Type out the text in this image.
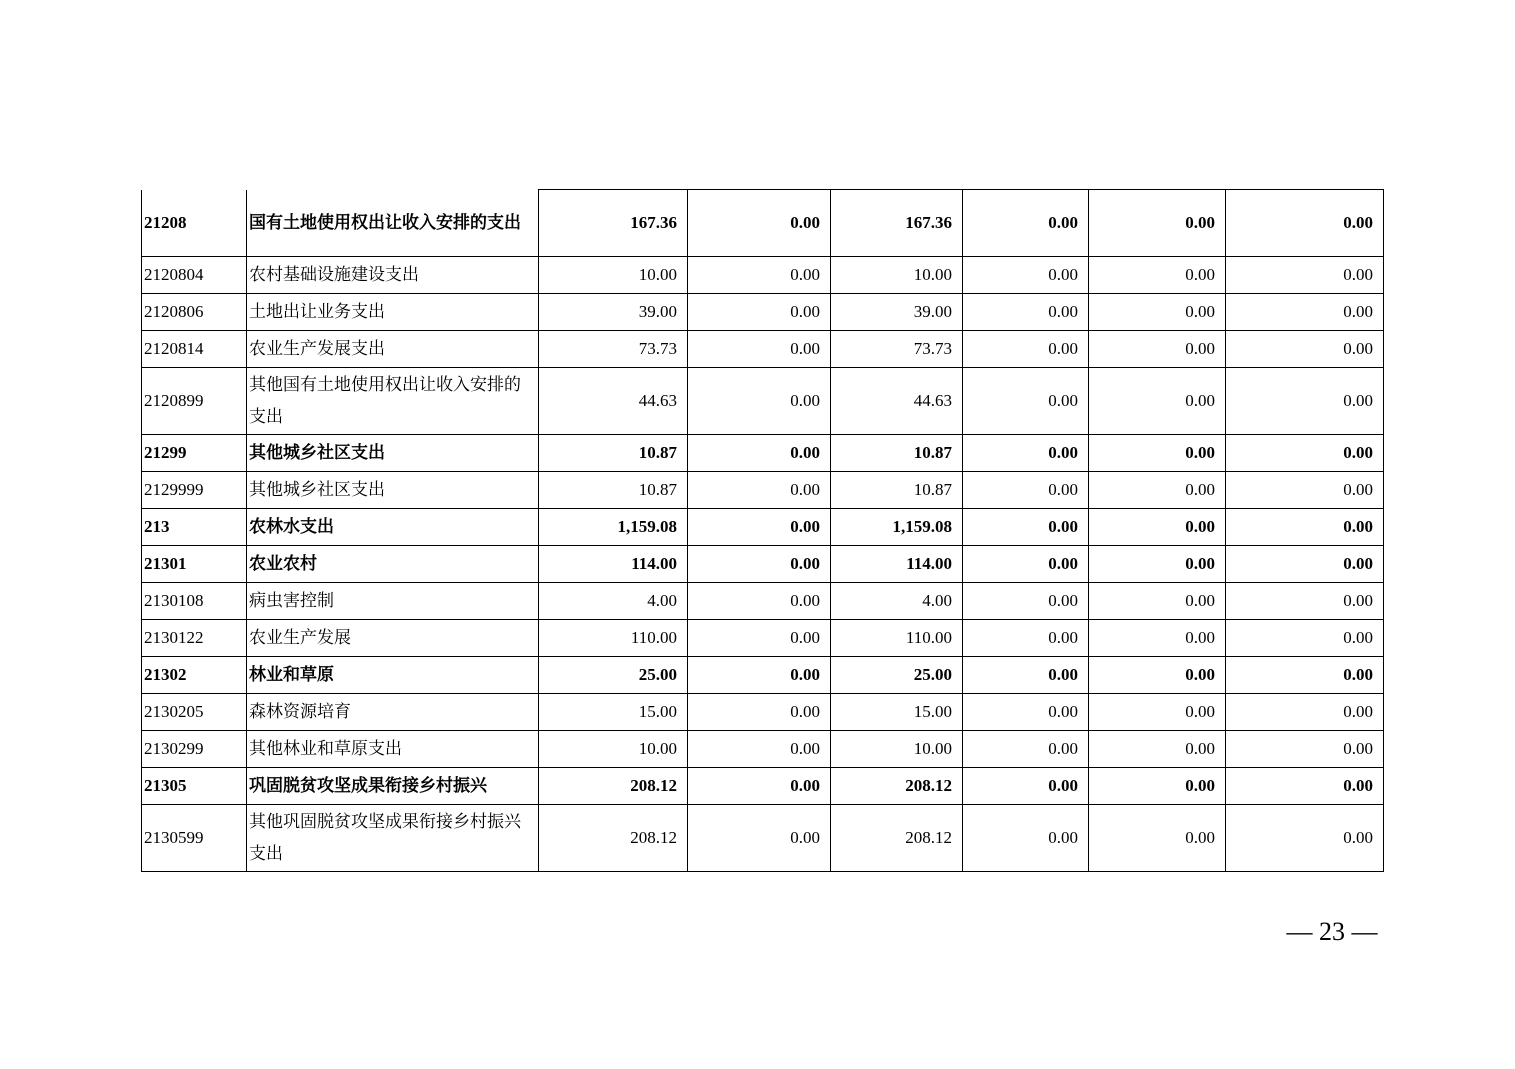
21208	国有土地使用权出让收入安排的支出	167.36	0.00	167.36	0.00	0.00	0.00
2120804	农村基础设施建设支出	10.00	0.00	10.00	0.00	0.00	0.00
2120806	土地出让业务支出	39.00	0.00	39.00	0.00	0.00	0.00
2120814	农业生产发展支出	73.73	0.00	73.73	0.00	0.00	0.00
2120899	其他国有土地使用权出让收入安排的支出	44.63	0.00	44.63	0.00	0.00	0.00
21299	其他城乡社区支出	10.87	0.00	10.87	0.00	0.00	0.00
2129999	其他城乡社区支出	10.87	0.00	10.87	0.00	0.00	0.00
213	农林水支出	1,159.08	0.00	1,159.08	0.00	0.00	0.00
21301	农业农村	114.00	0.00	114.00	0.00	0.00	0.00
2130108	病虫害控制	4.00	0.00	4.00	0.00	0.00	0.00
2130122	农业生产发展	110.00	0.00	110.00	0.00	0.00	0.00
21302	林业和草原	25.00	0.00	25.00	0.00	0.00	0.00
2130205	森林资源培育	15.00	0.00	15.00	0.00	0.00	0.00
2130299	其他林业和草原支出	10.00	0.00	10.00	0.00	0.00	0.00
21305	巩固脱贫攻坚成果衔接乡村振兴	208.12	0.00	208.12	0.00	0.00	0.00
2130599	其他巩固脱贫攻坚成果衔接乡村振兴支出	208.12	0.00	208.12	0.00	0.00	0.00
— 23 —
